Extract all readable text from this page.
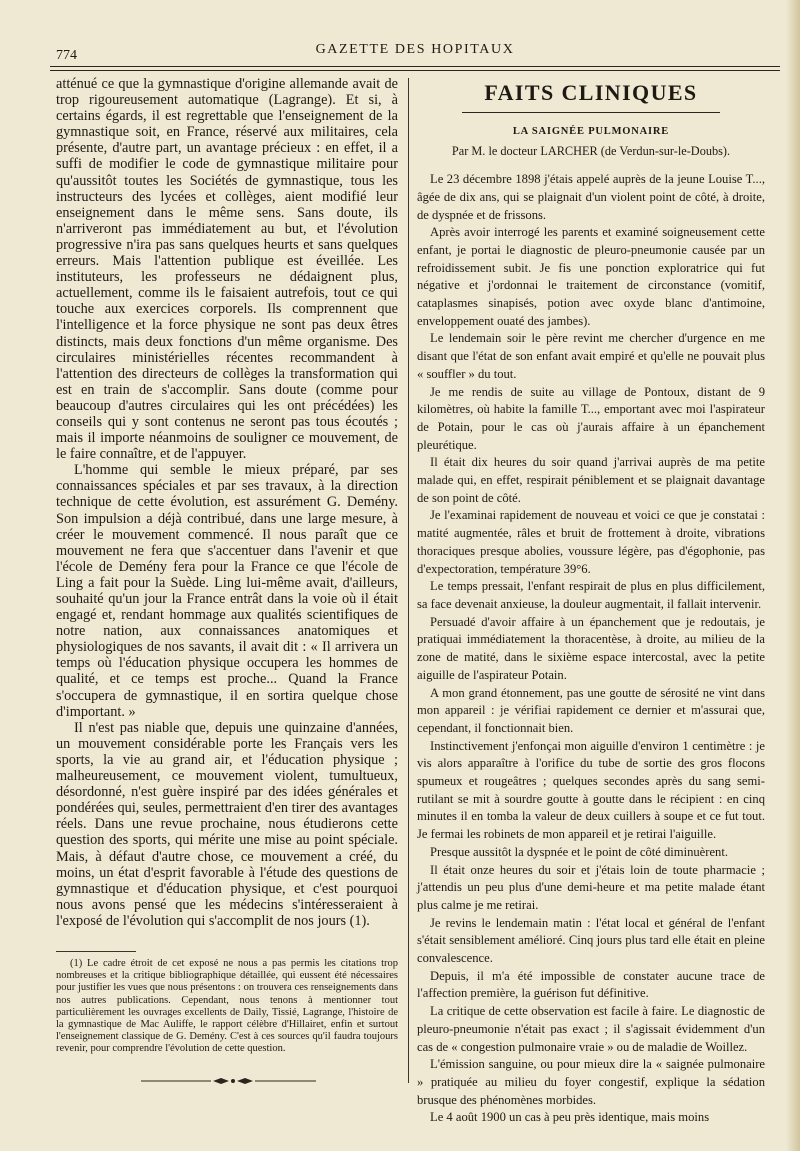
774	GAZETTE DES HOPITAUX

atténué ce que la gymnastique d'origine allemande avait de trop rigoureusement automatique (Lagrange). Et si, à certains égards, il est regrettable que l'enseignement de la gymnastique soit, en France, réservé aux militaires, cela présente, d'autre part, un avantage précieux : en effet, il a suffi de modifier le code de gymnastique militaire pour qu'aussitôt toutes les Sociétés de gymnastique, tous les instructeurs des lycées et collèges, aient modifié leur enseignement dans le même sens. Sans doute, ils n'arriveront pas immédiatement au but, et l'évolution progressive n'ira pas sans quelques heurts et sans quelques erreurs. Mais l'attention publique est éveillée. Les instituteurs, les professeurs ne dédaignent plus, actuellement, comme ils le faisaient autrefois, tout ce qui touche aux exercices corporels. Ils comprennent que l'intelligence et la force physique ne sont pas deux êtres distincts, mais deux fonctions d'un même organisme. Des circulaires ministérielles récentes recommandent à l'attention des directeurs de collèges la transformation qui est en train de s'accomplir. Sans doute (comme pour beaucoup d'autres circulaires qui les ont précédées) les conseils qui y sont contenus ne seront pas tous écoutés ; mais il importe néanmoins de souligner ce mouvement, de le faire connaître, et de l'appuyer.

L'homme qui semble le mieux préparé, par ses connaissances spéciales et par ses travaux, à la direction technique de cette évolution, est assurément G. Demény. Son impulsion a déjà contribué, dans une large mesure, à créer le mouvement commencé. Il nous paraît que ce mouvement ne fera que s'accentuer dans l'avenir et que l'école de Demény fera pour la France ce que l'école de Ling a fait pour la Suède. Ling lui-même avait, d'ailleurs, souhaité qu'un jour la France entrât dans la voie où il était engagé et, rendant hommage aux qualités scientifiques de notre nation, aux connaissances anatomiques et physiologiques de nos savants, il avait dit : « Il arrivera un temps où l'éducation physique occupera les hommes de qualité, et ce temps est proche... Quand la France s'occupera de gymnastique, il en sortira quelque chose d'important. »

Il n'est pas niable que, depuis une quinzaine d'années, un mouvement considérable porte les Français vers les sports, la vie au grand air, et l'éducation physique ; malheureusement, ce mouvement violent, tumultueux, désordonné, n'est guère inspiré par des idées générales et pondérées qui, seules, permettraient d'en tirer des avantages réels. Dans une revue prochaine, nous étudierons cette question des sports, qui mérite une mise au point spéciale. Mais, à défaut d'autre chose, ce mouvement a créé, du moins, un état d'esprit favorable à l'étude des questions de gymnastique et d'éducation physique, et c'est pourquoi nous avons pensé que les médecins s'intéresseraient à l'exposé de l'évolution qui s'accomplit de nos jours (1).

(1) Le cadre étroit de cet exposé ne nous a pas permis les citations trop nombreuses et la critique bibliographique détaillée, qui eussent été nécessaires pour justifier les vues que nous présentons : on trouvera ces renseignements dans nos autres publications. Cependant, nous tenons à mentionner tout particulièrement les ouvrages excellents de Daily, Tissié, Lagrange, l'histoire de la gymnastique de Mac Auliffe, le rapport célèbre d'Hillairet, enfin et surtout l'enseignement classique de G. Demény. C'est à ces sources qu'il faudra toujours revenir, pour comprendre l'évolution de cette question.
FAITS CLINIQUES
LA SAIGNÉE PULMONAIRE
Par M. le docteur LARCHER (de Verdun-sur-le-Doubs).

Le 23 décembre 1898 j'étais appelé auprès de la jeune Louise T..., âgée de dix ans, qui se plaignait d'un violent point de côté, à droite, de dyspnée et de frissons.

Après avoir interrogé les parents et examiné soigneusement cette enfant, je portai le diagnostic de pleuro-pneumonie causée par un refroidissement subit. Je fis une ponction exploratrice qui fut négative et j'ordonnai le traitement de circonstance (vomitif, cataplasmes sinapisés, potion avec oxyde blanc d'antimoine, enveloppement ouaté des jambes).

Le lendemain soir le père revint me chercher d'urgence en me disant que l'état de son enfant avait empiré et qu'elle ne pouvait plus « souffler » du tout.

Je me rendis de suite au village de Pontoux, distant de 9 kilomètres, où habite la famille T..., emportant avec moi l'aspirateur de Potain, pour le cas où j'aurais affaire à un épanchement pleurétique.

Il était dix heures du soir quand j'arrivai auprès de ma petite malade qui, en effet, respirait péniblement et se plaignait davantage de son point de côté.

Je l'examinai rapidement de nouveau et voici ce que je constatai : matité augmentée, râles et bruit de frottement à droite, vibrations thoraciques presque abolies, voussure légère, pas d'égophonie, pas d'expectoration, température 39°6.

Le temps pressait, l'enfant respirait de plus en plus difficilement, sa face devenait anxieuse, la douleur augmentait, il fallait intervenir.

Persuadé d'avoir affaire à un épanchement que je redoutais, je pratiquai immédiatement la thoracentèse, à droite, au milieu de la zone de matité, dans le sixième espace intercostal, avec la petite aiguille de l'aspirateur Potain.

A mon grand étonnement, pas une goutte de sérosité ne vint dans mon appareil : je vérifiai rapidement ce dernier et m'assurai que, cependant, il fonctionnait bien.

Instinctivement j'enfonçai mon aiguille d'environ 1 centimètre : je vis alors apparaître à l'orifice du tube de sortie des gros flocons spumeux et rougeâtres ; quelques secondes après du sang semi-rutilant se mit à sourdre goutte à goutte dans le récipient : en cinq minutes il en tomba la valeur de deux cuillers à soupe et ce fut tout. Je fermai les robinets de mon appareil et je retirai l'aiguille.

Presque aussitôt la dyspnée et le point de côté diminuèrent.

Il était onze heures du soir et j'étais loin de toute pharmacie ; j'attendis un peu plus d'une demi-heure et ma petite malade étant plus calme je me retirai.

Je revins le lendemain matin : l'état local et général de l'enfant s'était sensiblement amélioré. Cinq jours plus tard elle était en pleine convalescence.

Depuis, il m'a été impossible de constater aucune trace de l'affection première, la guérison fut définitive.

La critique de cette observation est facile à faire. Le diagnostic de pleuro-pneumonie n'était pas exact ; il s'agissait évidemment d'un cas de « congestion pulmonaire vraie » ou de maladie de Woillez.

L'émission sanguine, ou pour mieux dire la « saignée pulmonaire » pratiquée au milieu du foyer congestif, explique la sédation brusque des phénomènes morbides.

Le 4 août 1900 un cas à peu près identique, mais moins
